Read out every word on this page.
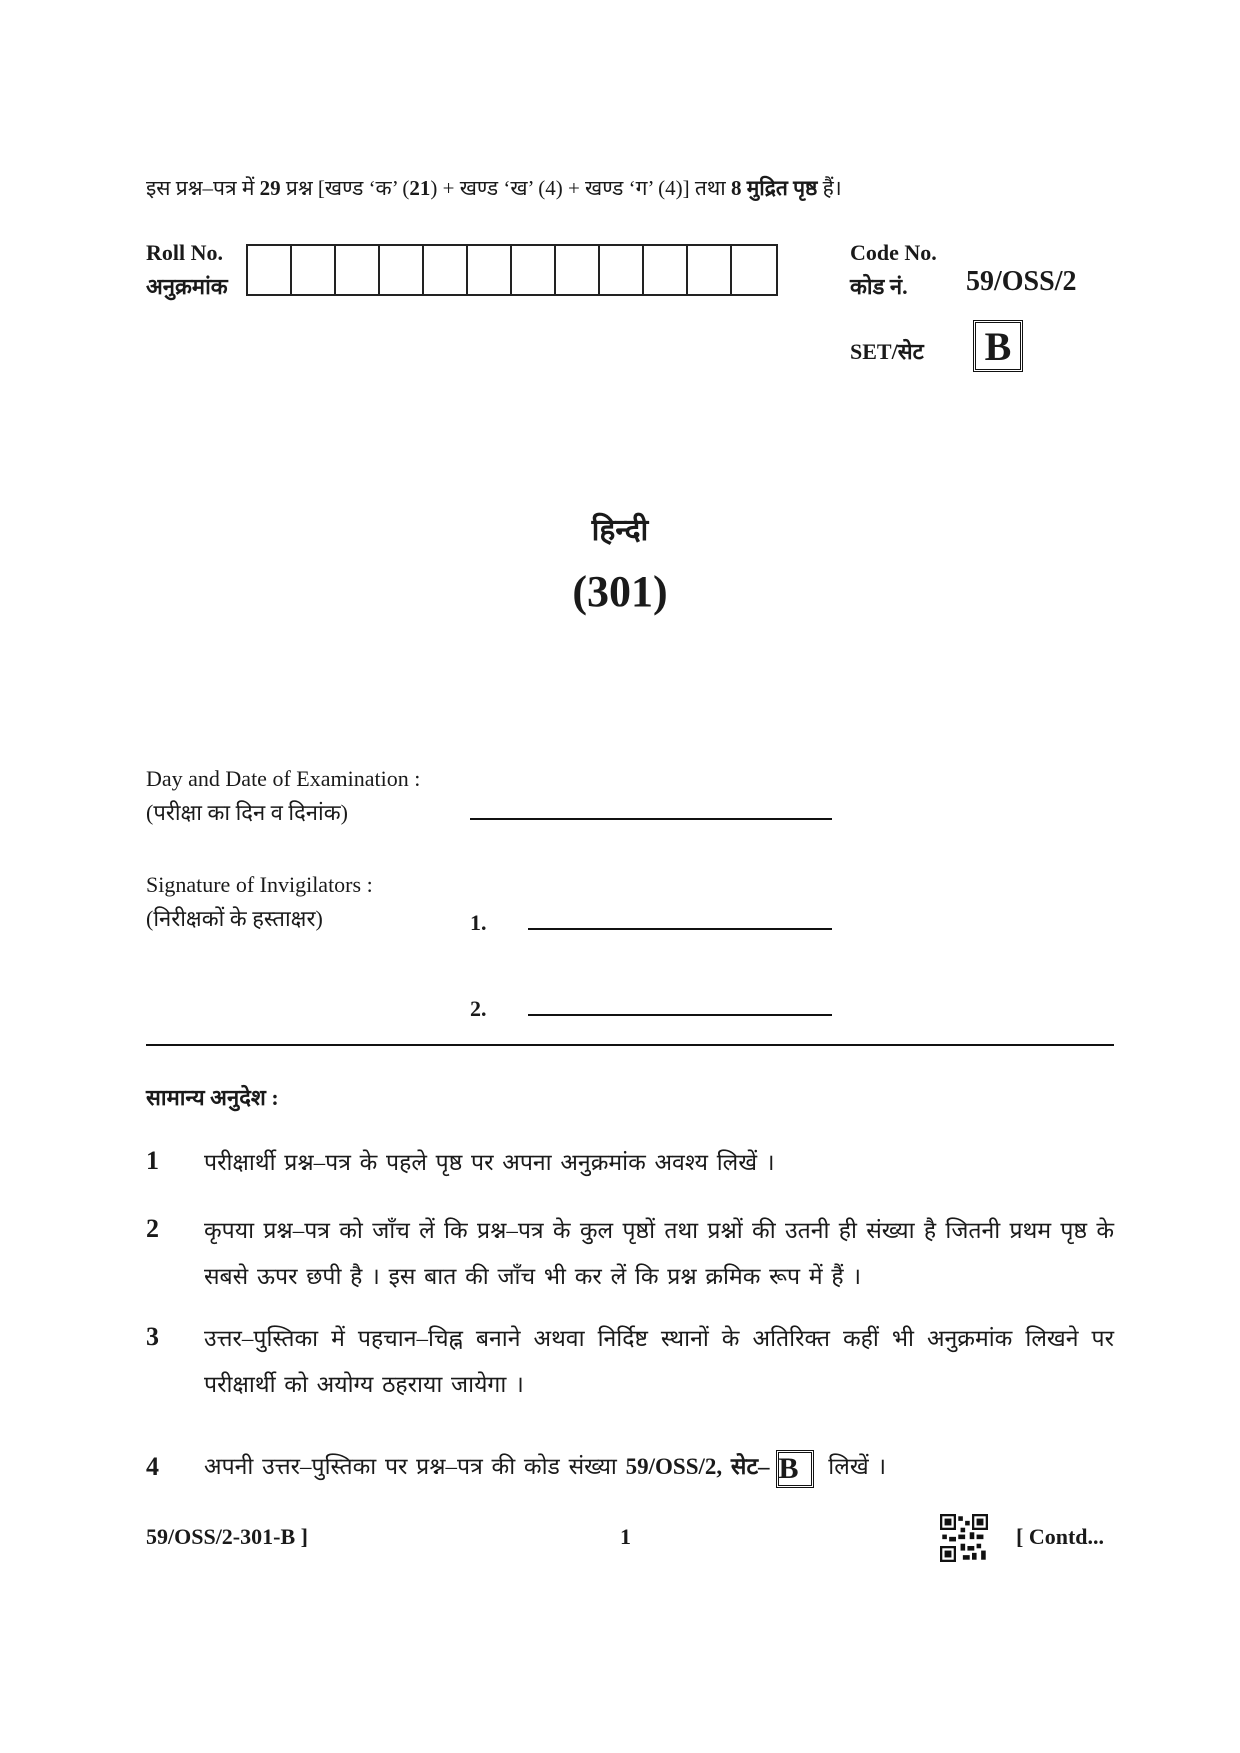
इस प्रश्न–पत्र में 29 प्रश्न [खण्ड ‘क’ (21) + खण्ड ‘ख’ (4) + खण्ड ‘ग’ (4)] तथा 8 मुद्रित पृष्ठ हैं।
Roll No.
अनुक्रमांक
Code No.
कोड नं.	59/OSS/2
SET/सेट B
हिन्दी
(301)
Day and Date of Examination :
(परीक्षा का दिन व दिनांक)
Signature of Invigilators :
(निरीक्षकों के हस्ताक्षर)	1.
2.
सामान्य अनुदेश :
1 परीक्षार्थी प्रश्न–पत्र के पहले पृष्ठ पर अपना अनुक्रमांक अवश्य लिखें ।
2 कृपया प्रश्न–पत्र को जाँच लें कि प्रश्न–पत्र के कुल पृष्ठों तथा प्रश्नों की उतनी ही संख्या है जितनी प्रथम पृष्ठ के सबसे ऊपर छपी है । इस बात की जाँच भी कर लें कि प्रश्न क्रमिक रूप में हैं ।
3 उत्तर–पुस्तिका में पहचान–चिह्न बनाने अथवा निर्दिष्ट स्थानों के अतिरिक्त कहीं भी अनुक्रमांक लिखने पर परीक्षार्थी को अयोग्य ठहराया जायेगा ।
4 अपनी उत्तर–पुस्तिका पर प्रश्न–पत्र की कोड संख्या 59/OSS/2, सेट– B लिखें ।
59/OSS/2-301-B ]	1	[ Contd...
